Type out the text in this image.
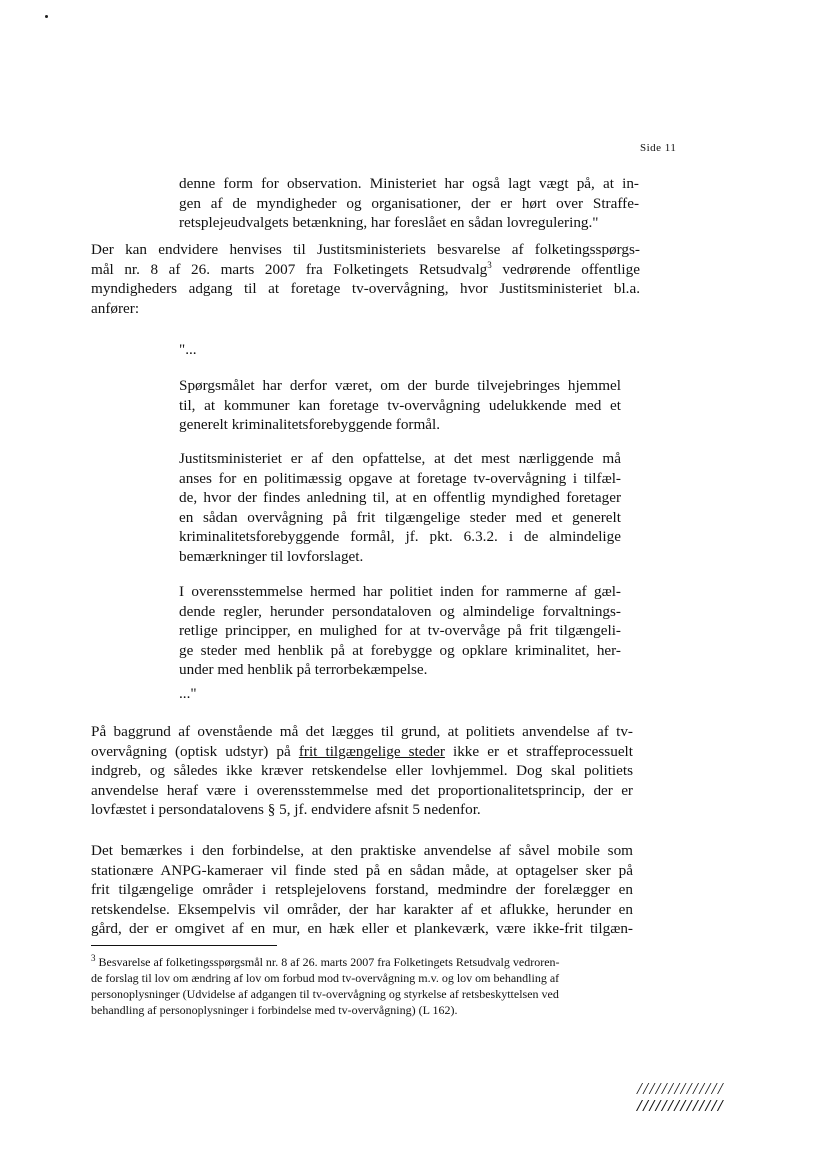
Side 11
denne form for observation. Ministeriet har også lagt vægt på, at in-
gen af de myndigheder og organisationer, der er hørt over Straffe-
retsplejeudvalgets betænkning, har foreslået en sådan lovregulering."
Der kan endvidere henvises til Justitsministeriets besvarelse af folketingsspørgs-
mål nr. 8 af 26. marts 2007 fra Folketingets Retsudvalg$^3$ vedrørende offentlige
myndigheders adgang til at foretage tv-overvågning, hvor Justitsministeriet bl.a.
anfører:
"...
Spørgsmålet har derfor været, om der burde tilvejebringes hjemmel
til, at kommuner kan foretage tv-overvågning udelukkende med et
generelt kriminalitetsforebyggende formål.
Justitsministeriet er af den opfattelse, at det mest nærliggende må
anses for en politimæssig opgave at foretage tv-overvågning i tilfæl-
de, hvor der findes anledning til, at en offentlig myndighed foretager
en sådan overvågning på frit tilgængelige steder med et generelt
kriminalitetsforebyggende formål, jf. pkt. 6.3.2. i de almindelige
bemærkninger til lovforslaget.
I overensstemmelse hermed har politiet inden for rammerne af gæl-
dende regler, herunder persondataloven og almindelige forvaltnings-
retlige principper, en mulighed for at tv-overvåge på frit tilgængeli-
ge steder med henblik på at forebygge og opklare kriminalitet, her-
under med henblik på terrorbekæmpelse.
..."
På baggrund af ovenstående må det lægges til grund, at politiets anvendelse af tv-
overvågning (optisk udstyr) på frit tilgængelige steder ikke er et straffeprocessuelt
indgreb, og således ikke kræver retskendelse eller lovhjemmel. Dog skal politiets
anvendelse heraf være i overensstemmelse med det proportionalitetsprincip, der er
lovfæstet i persondatalovens § 5, jf. endvidere afsnit 5 nedenfor.
Det bemærkes i den forbindelse, at den praktiske anvendelse af såvel mobile som
stationære ANPG-kameraer vil finde sted på en sådan måde, at optagelser sker på
frit tilgængelige områder i retsplejelovens forstand, medmindre der forelægger en
retskendelse. Eksempelvis vil områder, der har karakter af et aflukke, herunder en
gård, der er omgivet af en mur, en hæk eller et plankeværk, være ikke-frit tilgæn-
$^3$ Besvarelse af folketingsspørgsmål nr. 8 af 26. marts 2007 fra Folketingets Retsudvalg vedroren-
de forslag til lov om ændring af lov om forbud mod tv-overvågning m.v. og lov om behandling af
personoplysninger (Udvidelse af adgangen til tv-overvågning og styrkelse af retsbeskyttelsen ved
behandling af personoplysninger i forbindelse med tv-overvågning) (L 162).
//////////////
//////////////
